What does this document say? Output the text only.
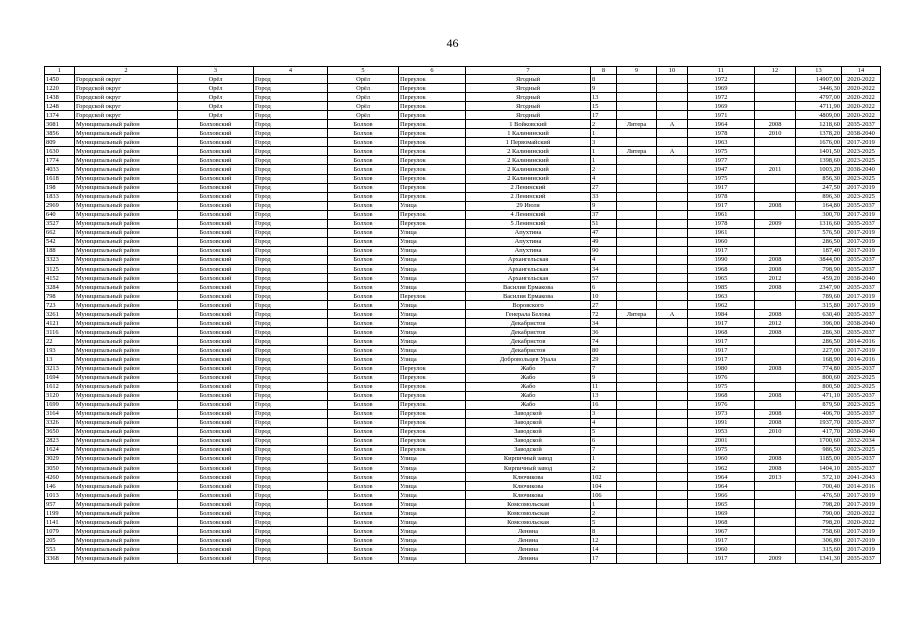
46
1	2	3	4	5	6	7	8	9	10	11	12	13	14
1450	Городской округ	Орёл	Город	Орёл	Переулок	Ягодный	8			1972		14907,00	2020-2022
1220	Городской округ	Орёл	Город	Орёл	Переулок	Ягодный	9			1969		3446,30	2020-2022
1438	Городской округ	Орёл	Город	Орёл	Переулок	Ягодный	13			1972		4797,00	2020-2022
1248	Городской округ	Орёл	Город	Орёл	Переулок	Ягодный	15			1969		4711,90	2020-2022
1374	Городской округ	Орёл	Город	Орёл	Переулок	Ягодный	17			1971		4809,00	2020-2022
3081	Муниципальный район	Болховский	Город	Болхов	Переулок	1 Войковский	2	Литера	А	1964	2008	1218,60	2035-2037
3856	Муниципальный район	Болховский	Город	Болхов	Переулок	1 Калининский	1			1978	2010	1378,20	2038-2040
809	Муниципальный район	Болховский	Город	Болхов	Переулок	1 Первомайский	3			1963		1676,00	2017-2019
1630	Муниципальный район	Болховский	Город	Болхов	Переулок	2 Калининский	1	Литера	А	1975		1401,50	2023-2025
1774	Муниципальный район	Болховский	Город	Болхов	Переулок	2 Калининский	1			1977		1398,60	2023-2025
4033	Муниципальный район	Болховский	Город	Болхов	Переулок	2 Калининский	2			1947	2011	1003,20	2038-2040
1618	Муниципальный район	Болховский	Город	Болхов	Переулок	2 Калининский	4			1975		856,30	2023-2025
198	Муниципальный район	Болховский	Город	Болхов	Переулок	2 Ленинский	27			1917		247,50	2017-2019
1833	Муниципальный район	Болховский	Город	Болхов	Переулок	2 Ленинский	33			1978		896,30	2023-2025
2969	Муниципальный район	Болховский	Город	Болхов	Улица	29 Июля	9			1917	2008	164,80	2035-2037
640	Муниципальный район	Болховский	Город	Болхов	Переулок	4 Ленинский	37			1961		300,70	2017-2019
3527	Муниципальный район	Болховский	Город	Болхов	Переулок	5 Ленинский	51			1978	2009	1316,60	2035-2037
662	Муниципальный район	Болховский	Город	Болхов	Улица	Апухтина	47			1961		576,50	2017-2019
542	Муниципальный район	Болховский	Город	Болхов	Улица	Апухтина	49			1960		286,50	2017-2019
188	Муниципальный район	Болховский	Город	Болхов	Улица	Апухтина	90			1917		187,40	2017-2019
3323	Муниципальный район	Болховский	Город	Болхов	Улица	Архангельская	4			1990	2008	3844,00	2035-2037
3125	Муниципальный район	Болховский	Город	Болхов	Улица	Архангельская	34			1968	2008	798,90	2035-2037
4152	Муниципальный район	Болховский	Город	Болхов	Улица	Архангельская	57			1965	2012	459,20	2038-2040
3284	Муниципальный район	Болховский	Город	Болхов	Улица	Василия Ермакова	6			1985	2008	2347,90	2035-2037
798	Муниципальный район	Болховский	Город	Болхов	Переулок	Василия Ермакова	10			1963		789,60	2017-2019
723	Муниципальный район	Болховский	Город	Болхов	Улица	Воровского	27			1962		315,80	2017-2019
3261	Муниципальный район	Болховский	Город	Болхов	Улица	Генерала Белова	72	Литера	А	1984	2008	630,40	2035-2037
4121	Муниципальный район	Болховский	Город	Болхов	Улица	Декабристов	34			1917	2012	396,00	2038-2040
3116	Муниципальный район	Болховский	Город	Болхов	Улица	Декабристов	36			1968	2008	286,30	2035-2037
22	Муниципальный район	Болховский	Город	Болхов	Улица	Декабристов	74			1917		286,50	2014-2016
193	Муниципальный район	Болховский	Город	Болхов	Улица	Декабристов	80			1917		227,00	2017-2019
13	Муниципальный район	Болховский	Город	Болхов	Улица	Добровольцев Урала	29			1917		168,90	2014-2016
3213	Муниципальный район	Болховский	Город	Болхов	Переулок	Жабо	7			1980	2008	774,80	2035-2037
1694	Муниципальный район	Болховский	Город	Болхов	Переулок	Жабо	9			1976		800,60	2023-2025
1612	Муниципальный район	Болховский	Город	Болхов	Переулок	Жабо	11			1975		800,50	2023-2025
3120	Муниципальный район	Болховский	Город	Болхов	Переулок	Жабо	13			1968	2008	471,10	2035-2037
1699	Муниципальный район	Болховский	Город	Болхов	Переулок	Жабо	16			1976		879,50	2023-2025
3164	Муниципальный район	Болховский	Город	Болхов	Переулок	Заводской	3			1973	2008	406,70	2035-2037
3326	Муниципальный район	Болховский	Город	Болхов	Переулок	Заводской	4			1991	2008	1937,70	2035-2037
3650	Муниципальный район	Болховский	Город	Болхов	Переулок	Заводской	5			1953	2010	417,70	2038-2040
2823	Муниципальный район	Болховский	Город	Болхов	Переулок	Заводской	6			2001		1700,60	2032-2034
1624	Муниципальный район	Болховский	Город	Болхов	Переулок	Заводской	7			1975		986,50	2023-2025
3029	Муниципальный район	Болховский	Город	Болхов	Улица	Кирпичный завод	1			1960	2008	1185,00	2035-2037
3050	Муниципальный район	Болховский	Город	Болхов	Улица	Кирпичный завод	2			1962	2008	1404,10	2035-2037
4260	Муниципальный район	Болховский	Город	Болхов	Улица	Ключикова	102			1964	2013	572,10	2041-2043
146	Муниципальный район	Болховский	Город	Болхов	Улица	Ключикова	104			1964		700,40	2014-2016
1013	Муниципальный район	Болховский	Город	Болхов	Улица	Ключикова	106			1966		476,50	2017-2019
957	Муниципальный район	Болховский	Город	Болхов	Улица	Комсомольская	1			1965		798,20	2017-2019
1199	Муниципальный район	Болховский	Город	Болхов	Улица	Комсомольская	2			1969		790,00	2020-2022
1141	Муниципальный район	Болховский	Город	Болхов	Улица	Комсомольская	5			1968		798,20	2020-2022
1079	Муниципальный район	Болховский	Город	Болхов	Улица	Ленина	8			1967		758,60	2017-2019
205	Муниципальный район	Болховский	Город	Болхов	Улица	Ленина	12			1917		306,80	2017-2019
553	Муниципальный район	Болховский	Город	Болхов	Улица	Ленина	14			1960		315,60	2017-2019
3368	Муниципальный район	Болховский	Город	Болхов	Улица	Ленина	17			1917	2009	1341,30	2035-2037
